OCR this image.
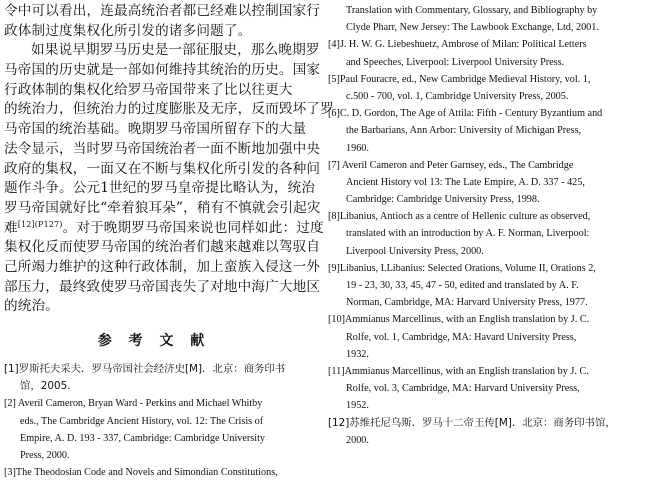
令中可以看出，连最高统治者都已经难以控制国家行
政体制过度集权化所引发的诸多问题了。
如果说早期罗马历史是一部征服史，那么晚期罗
马帝国的历史就是一部如何维持其统治的历史。国家
行政体制的集权化给罗马帝国带来了比以往更大
的统治力，但统治力的过度膨胀及无序，反而毁坏了罗
马帝国的统治基础。晚期罗马帝国所留存下的大量
法令显示，当时罗马帝国统治者一面不断地加强中央
政府的集权，一面又在不断与集权化所引发的各种问
题作斗争。公元1世纪的罗马皇帝提比略认为，统治
罗马帝国就好比“牵着狼耳朵”，稍有不慎就会引起灾
难$^{[12](P127)}$。对于晚期罗马帝国来说也同样如此：过度
集权化反而使罗马帝国的统治者们越来越难以驾驭自
己所竭力维护的这种行政体制，加上蛮族入侵这一外
部压力，最终致使罗马帝国丧失了对地中海广大地区
的统治。
参 考 文 献
[1]罗斯托夫采夫．罗马帝国社会经济史[M]．北京：商务印书
馆，2005．
[2] Averil Cameron, Bryan Ward - Perkins and Michael Whitby
eds., The Cambridge Ancient History, vol. 12: The Crisis of
Empire, A. D. 193 - 337, Cambridge: Cambridge University
Press, 2000.
[3]The Theodosian Code and Novels and Simondian Constitutions,
Translation with Commentary, Glossary, and Bibliography by
Clyde Pharr, New Jersey: The Lawbook Exchange, Ltd, 2001.
[4]J. H. W. G. Liebeshuetz, Ambrose of Milan: Political Letters
and Speeches, Liverpool: Liverpool University Press.
[5]Paul Fouracre, ed., New Cambridge Medieval History, vol. 1,
c.500 - 700, vol. 1, Cambridge University Press, 2005.
[6]C. D. Gordon, The Age of Attila: Fifth - Century Byzantium and
the Barbarians, Ann Arbor: University of Michigan Press,
1960.
[7] Averil Cameron and Peter Garnsey, eds., The Cambridge
Ancient History vol 13: The Late Empire, A. D. 337 - 425,
Cambridge: Cambridge University Press, 1998.
[8]Libanius, Antioch as a centre of Hellenic culture as observed,
translated with an introduction by A. F. Norman, Liverpool:
Liverpool University Press, 2000.
[9]Libanius, I.Libanius: Selected Orations, Volume II, Orations 2,
19 - 23, 30, 33, 45, 47 - 50, edited and translated by A. F.
Norman, Cambridge, MA: Harvard University Press, 1977.
[10]Ammianus Marcellinus, with an English translation by J. C.
Rolfe, vol. 1, Cambridge, MA: Havard University Press,
1932.
[11]Ammianus Marcellinus, with an English translation by J. C.
Rolfe, vol. 3, Cambridge, MA: Harvard University Press,
1952.
[12]苏维托尼乌斯．罗马十二帝王传[M]．北京：商务印书馆，
2000.
